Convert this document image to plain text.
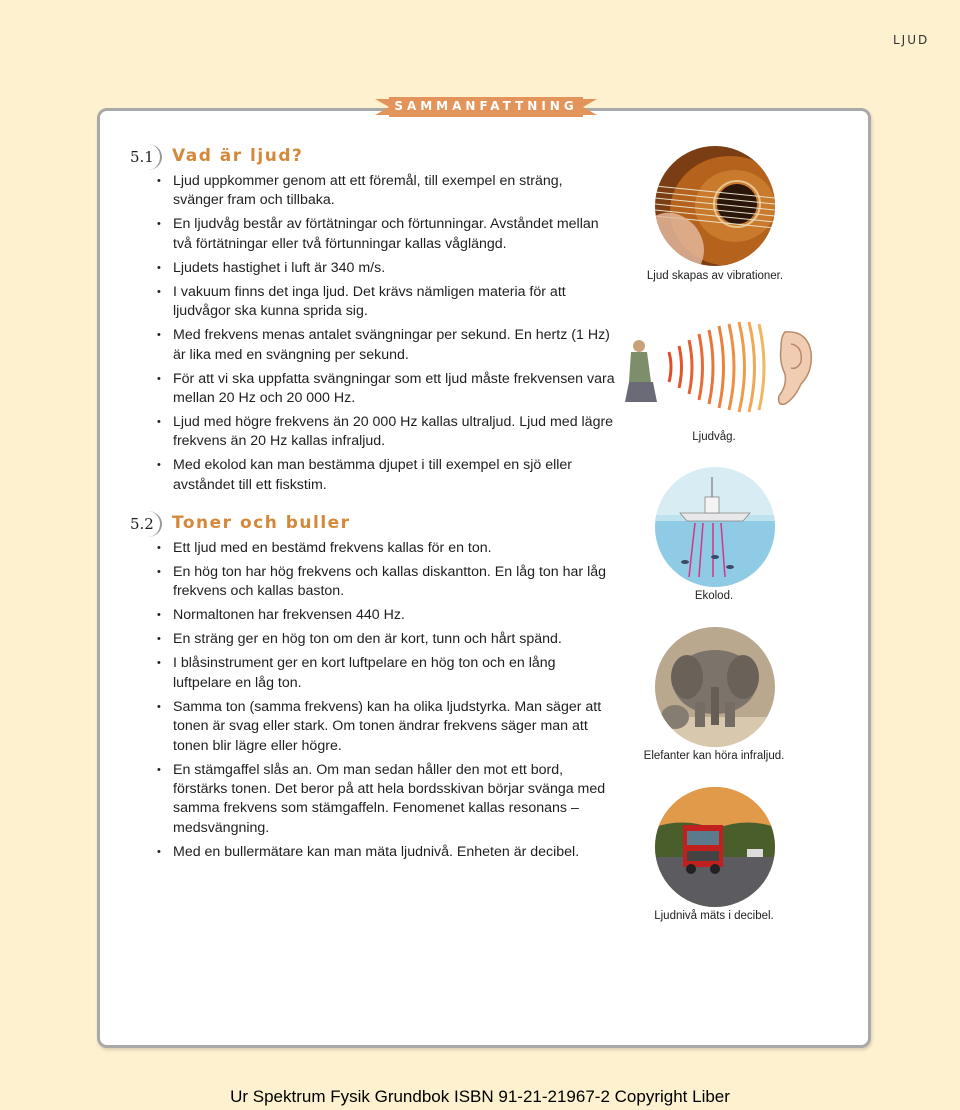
LJUD
SAMMANFATTNING
5.1 Vad är ljud?
• Ljud uppkommer genom att ett föremål, till exempel en sträng, svänger fram och tillbaka.
• En ljudvåg består av förtätningar och förtunningar. Avståndet mellan två förtätningar eller två förtunningar kallas våglängd.
• Ljudets hastighet i luft är 340 m/s.
• I vakuum finns det inga ljud. Det krävs nämligen materia för att ljudvågor ska kunna sprida sig.
• Med frekvens menas antalet svängningar per sekund. En hertz (1 Hz) är lika med en svängning per sekund.
• För att vi ska uppfatta svängningar som ett ljud måste frekvensen vara mellan 20 Hz och 20 000 Hz.
• Ljud med högre frekvens än 20 000 Hz kallas ultraljud. Ljud med lägre frekvens än 20 Hz kallas infraljud.
• Med ekolod kan man bestämma djupet i till exempel en sjö eller avståndet till ett fiskstim.
5.2 Toner och buller
• Ett ljud med en bestämd frekvens kallas för en ton.
• En hög ton har hög frekvens och kallas diskantton. En låg ton har låg frekvens och kallas baston.
• Normaltonen har frekvensen 440 Hz.
• En sträng ger en hög ton om den är kort, tunn och hårt spänd.
• I blåsinstrument ger en kort luftpelare en hög ton och en lång luftpelare en låg ton.
• Samma ton (samma frekvens) kan ha olika ljudstyrka. Man säger att tonen är svag eller stark. Om tonen ändrar frekvens säger man att tonen blir lägre eller högre.
• En stämgaffel slås an. Om man sedan håller den mot ett bord, förstärks tonen. Det beror på att hela bordsskivan börjar svänga med samma frekvens som stämgaffeln. Fenomenet kallas resonans – medsvängning.
• Med en bullermätare kan man mäta ljudnivå. Enheten är decibel.
Ljud skapas av vibrationer.
Ljudvåg.
Ekolod.
Elefanter kan höra infraljud.
Ljudnivå mäts i decibel.
Ur Spektrum Fysik Grundbok ISBN 91-21-21967-2 Copyright Liber
